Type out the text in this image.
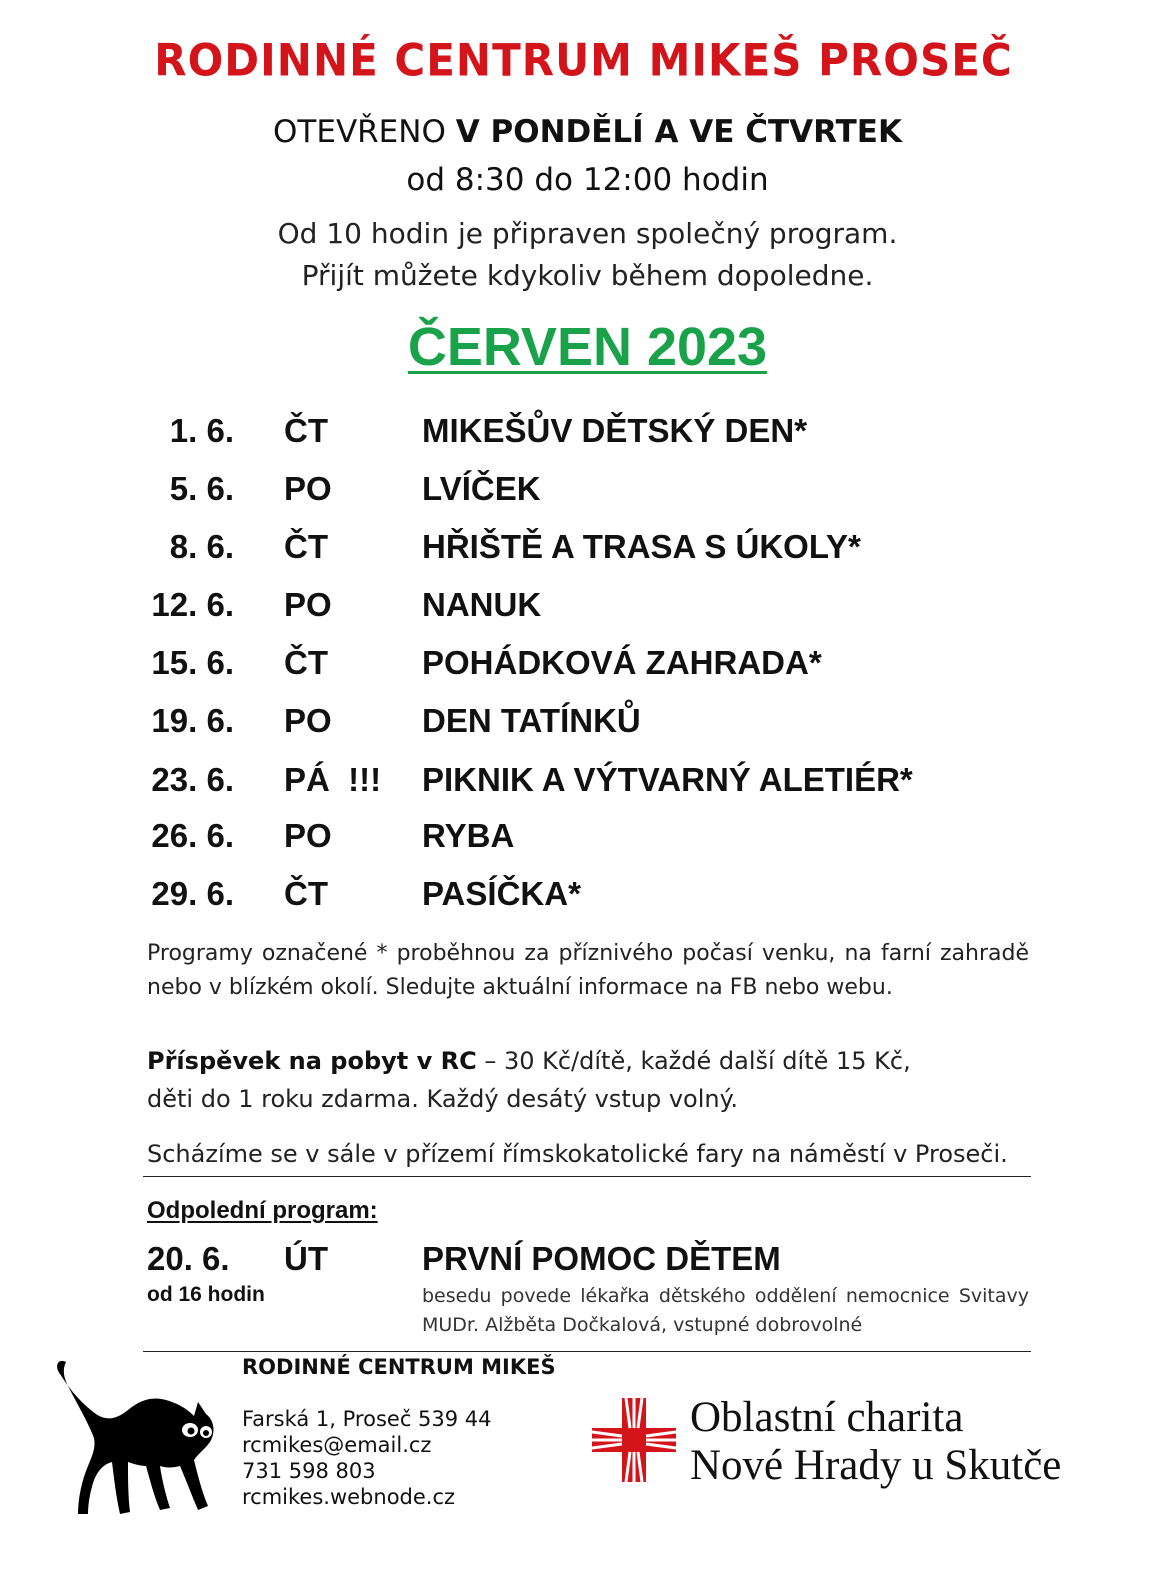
RODINNÉ CENTRUM MIKEŠ PROSEČ
OTEVŘENO V PONDĚLÍ A VE ČTVRTEK
od 8:30 do 12:00 hodin
Od 10 hodin je připraven společný program.
Přijít můžete kdykoliv během dopoledne.
ČERVEN 2023
1. 6. ČT	MIKEŠŮV DĚTSKÝ DEN*
5. 6. PO	LVÍČEK
8. 6. ČT	HŘIŠTĚ A TRASA S ÚKOLY*
12. 6. PO	NANUK
15. 6. ČT	POHÁDKOVÁ ZAHRADA*
19. 6. PO	DEN TATÍNKŮ
23. 6. PÁ  !!! PIKNIK A VÝTVARNÝ ALETIÉR*
26. 6. PO	RYBA
29. 6. ČT	PASÍČKA*
Programy označené * proběhnou za příznivého počasí venku, na farní zahradě nebo v blízkém okolí. Sledujte aktuální informace na FB nebo webu.
Příspěvek na pobyt v RC – 30 Kč/dítě, každé další dítě 15 Kč,
děti do 1 roku zdarma. Každý desátý vstup volný.
Scházíme se v sále v přízemí římskokatolické fary na náměstí v Proseči.
Odpolední program:
20. 6. ÚT	PRVNÍ POMOC DĚTEM
od 16 hodin	besedu povede lékařka dětského oddělení nemocnice Svitavy
MUDr. Alžběta Dočkalová, vstupné dobrovolné
RODINNÉ CENTRUM MIKEŠ
Farská 1, Proseč 539 44
rcmikes@email.cz
731 598 803
rcmikes.webnode.cz
Oblastní charita
Nové Hrady u Skutče
